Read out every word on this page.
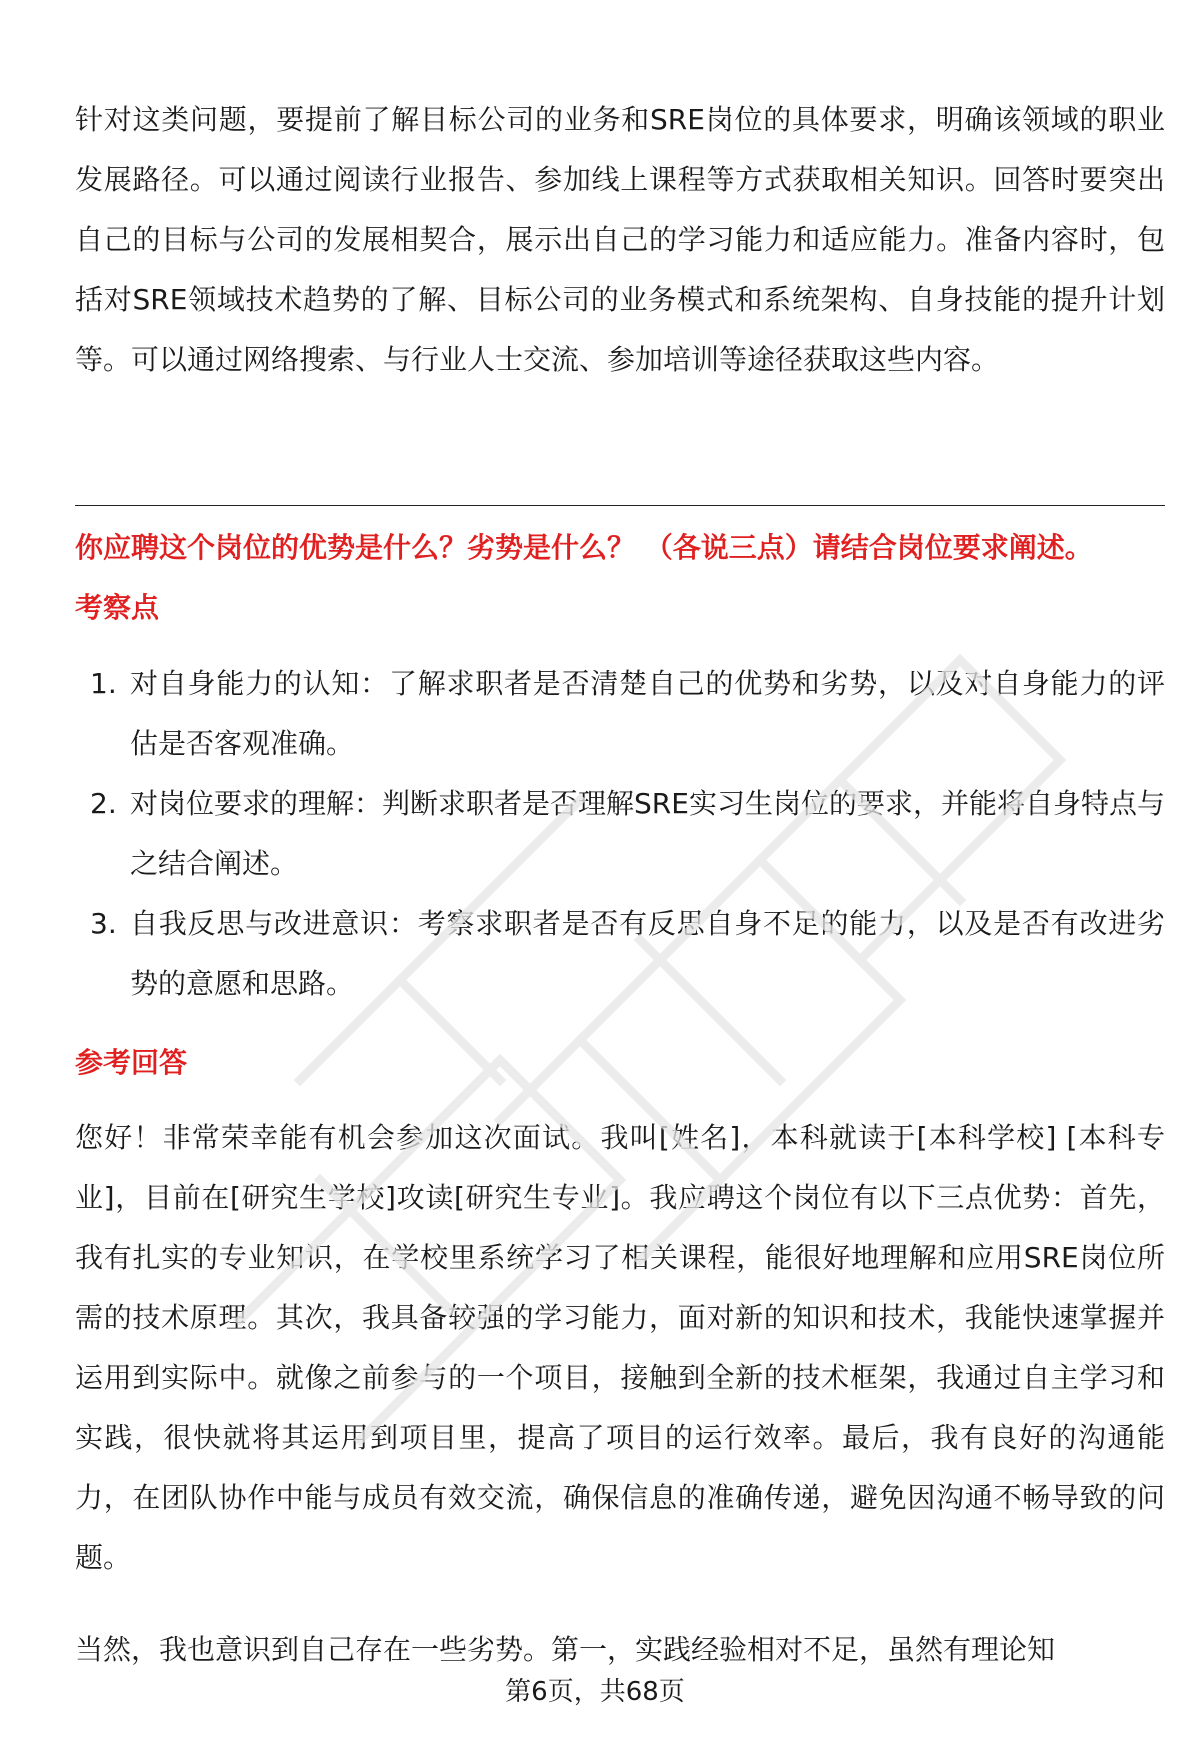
针对这类问题，要提前了解目标公司的业务和SRE岗位的具体要求，明确该领域的职业发展路径。可以通过阅读行业报告、参加线上课程等方式获取相关知识。回答时要突出自己的目标与公司的发展相契合，展示出自己的学习能力和适应能力。准备内容时，包括对SRE领域技术趋势的了解、目标公司的业务模式和系统架构、自身技能的提升计划等。可以通过网络搜索、与行业人士交流、参加培训等途径获取这些内容。

你应聘这个岗位的优势是什么？劣势是什么？ （各说三点）请结合岗位要求阐述。

考察点

1. 对自身能力的认知：了解求职者是否清楚自己的优势和劣势，以及对自身能力的评估是否客观准确。
2. 对岗位要求的理解：判断求职者是否理解SRE实习生岗位的要求，并能将自身特点与之结合阐述。
3. 自我反思与改进意识：考察求职者是否有反思自身不足的能力，以及是否有改进劣势的意愿和思路。

参考回答

您好！非常荣幸能有机会参加这次面试。我叫[姓名]，本科就读于[本科学校] [本科专业]，目前在[研究生学校]攻读[研究生专业]。我应聘这个岗位有以下三点优势：首先，我有扎实的专业知识，在学校里系统学习了相关课程，能很好地理解和应用SRE岗位所需的技术原理。其次，我具备较强的学习能力，面对新的知识和技术，我能快速掌握并运用到实际中。就像之前参与的一个项目，接触到全新的技术框架，我通过自主学习和实践，很快就将其运用到项目里，提高了项目的运行效率。最后，我有良好的沟通能力，在团队协作中能与成员有效交流，确保信息的准确传递，避免因沟通不畅导致的问题。

当然，我也意识到自己存在一些劣势。第一，实践经验相对不足，虽然有理论知

第6页，共68页
